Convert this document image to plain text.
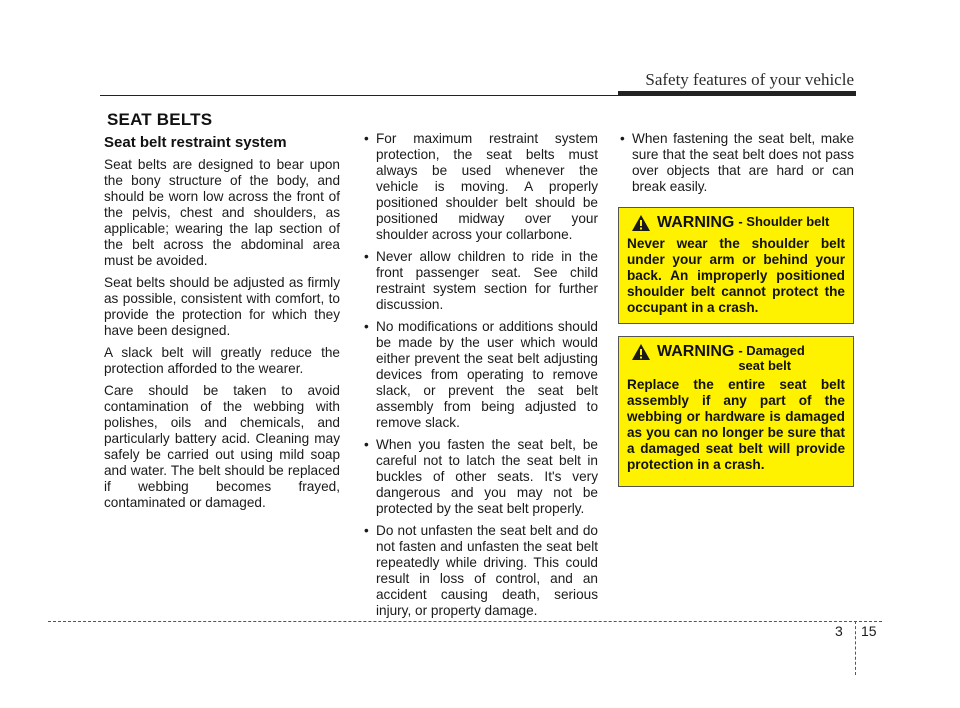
Safety features of your vehicle
SEAT BELTS
Seat belt restraint system

Seat belts are designed to bear upon the bony structure of the body, and should be worn low across the front of the pelvis, chest and shoulders, as applicable; wearing the lap section of the belt across the abdominal area must be avoided.

Seat belts should be adjusted as firmly as possible, consistent with comfort, to provide the protection for which they have been designed.

A slack belt will greatly reduce the protection afforded to the wearer.

Care should be taken to avoid contamination of the webbing with polishes, oils and chemicals, and particularly battery acid. Cleaning may safely be carried out using mild soap and water. The belt should be replaced if webbing becomes frayed, contaminated or damaged.

• For maximum restraint system protection, the seat belts must always be used whenever the vehicle is moving. A properly positioned shoulder belt should be positioned midway over your shoulder across your collarbone.
• Never allow children to ride in the front passenger seat. See child restraint system section for further discussion.
• No modifications or additions should be made by the user which would either prevent the seat belt adjusting devices from operating to remove slack, or prevent the seat belt assembly from being adjusted to remove slack.
• When you fasten the seat belt, be careful not to latch the seat belt in buckles of other seats. It's very dangerous and you may not be protected by the seat belt properly.
• Do not unfasten the seat belt and do not fasten and unfasten the seat belt repeatedly while driving. This could result in loss of control, and an accident causing death, serious injury, or property damage.
• When fastening the seat belt, make sure that the seat belt does not pass over objects that are hard or can break easily.
WARNING - Shoulder belt
Never wear the shoulder belt under your arm or behind your back. An improperly positioned shoulder belt cannot protect the occupant in a crash.
WARNING - Damaged
seat belt
Replace the entire seat belt assembly if any part of the webbing or hardware is damaged as you can no longer be sure that a damaged seat belt will provide protection in a crash.
3 15
